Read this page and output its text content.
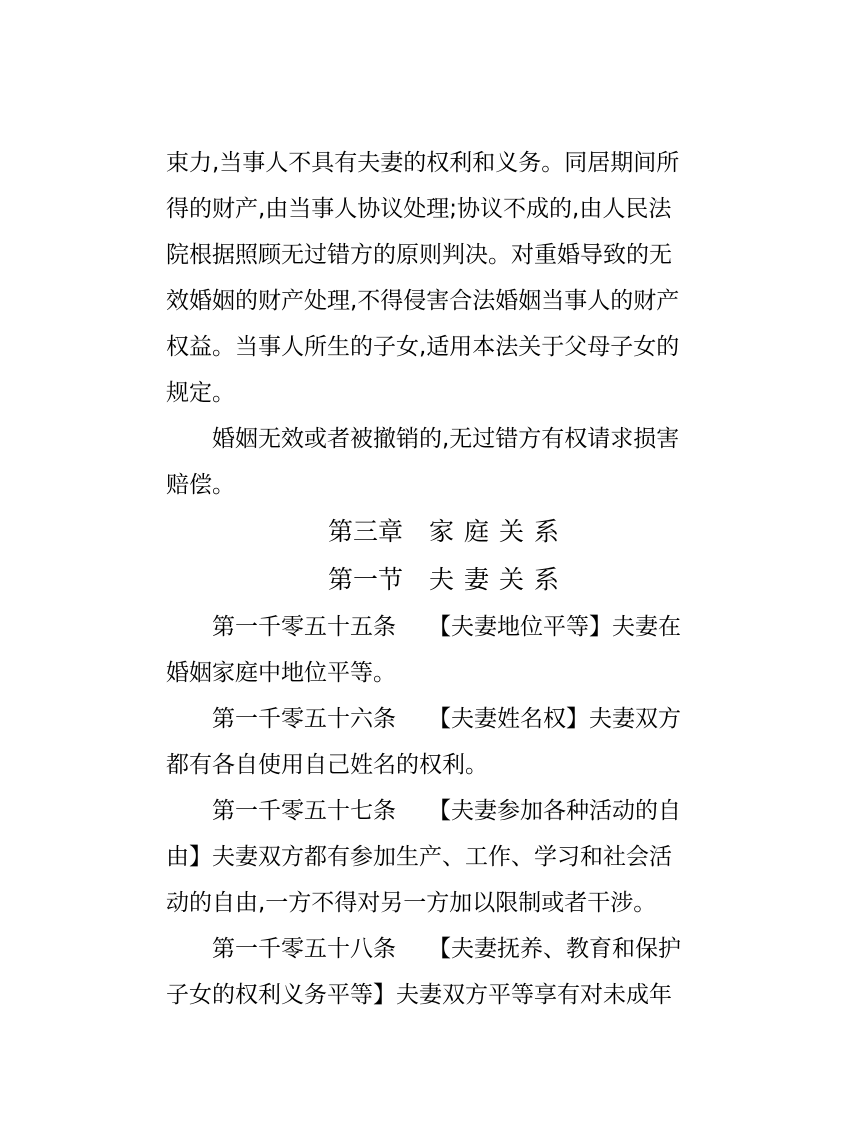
束力,当事人不具有夫妻的权利和义务。同居期间所
得的财产,由当事人协议处理;协议不成的,由人民法
院根据照顾无过错方的原则判决。对重婚导致的无
效婚姻的财产处理,不得侵害合法婚姻当事人的财产
权益。当事人所生的子女,适用本法关于父母子女的
规定。
婚姻无效或者被撤销的,无过错方有权请求损害
赔偿。
第三章 家庭关系
第一节 夫妻关系
第一千零五十五条 【夫妻地位平等】夫妻在
婚姻家庭中地位平等。
第一千零五十六条 【夫妻姓名权】夫妻双方
都有各自使用自己姓名的权利。
第一千零五十七条 【夫妻参加各种活动的自
由】夫妻双方都有参加生产、工作、学习和社会活
动的自由,一方不得对另一方加以限制或者干涉。
第一千零五十八条 【夫妻抚养、教育和保护
子女的权利义务平等】夫妻双方平等享有对未成年
